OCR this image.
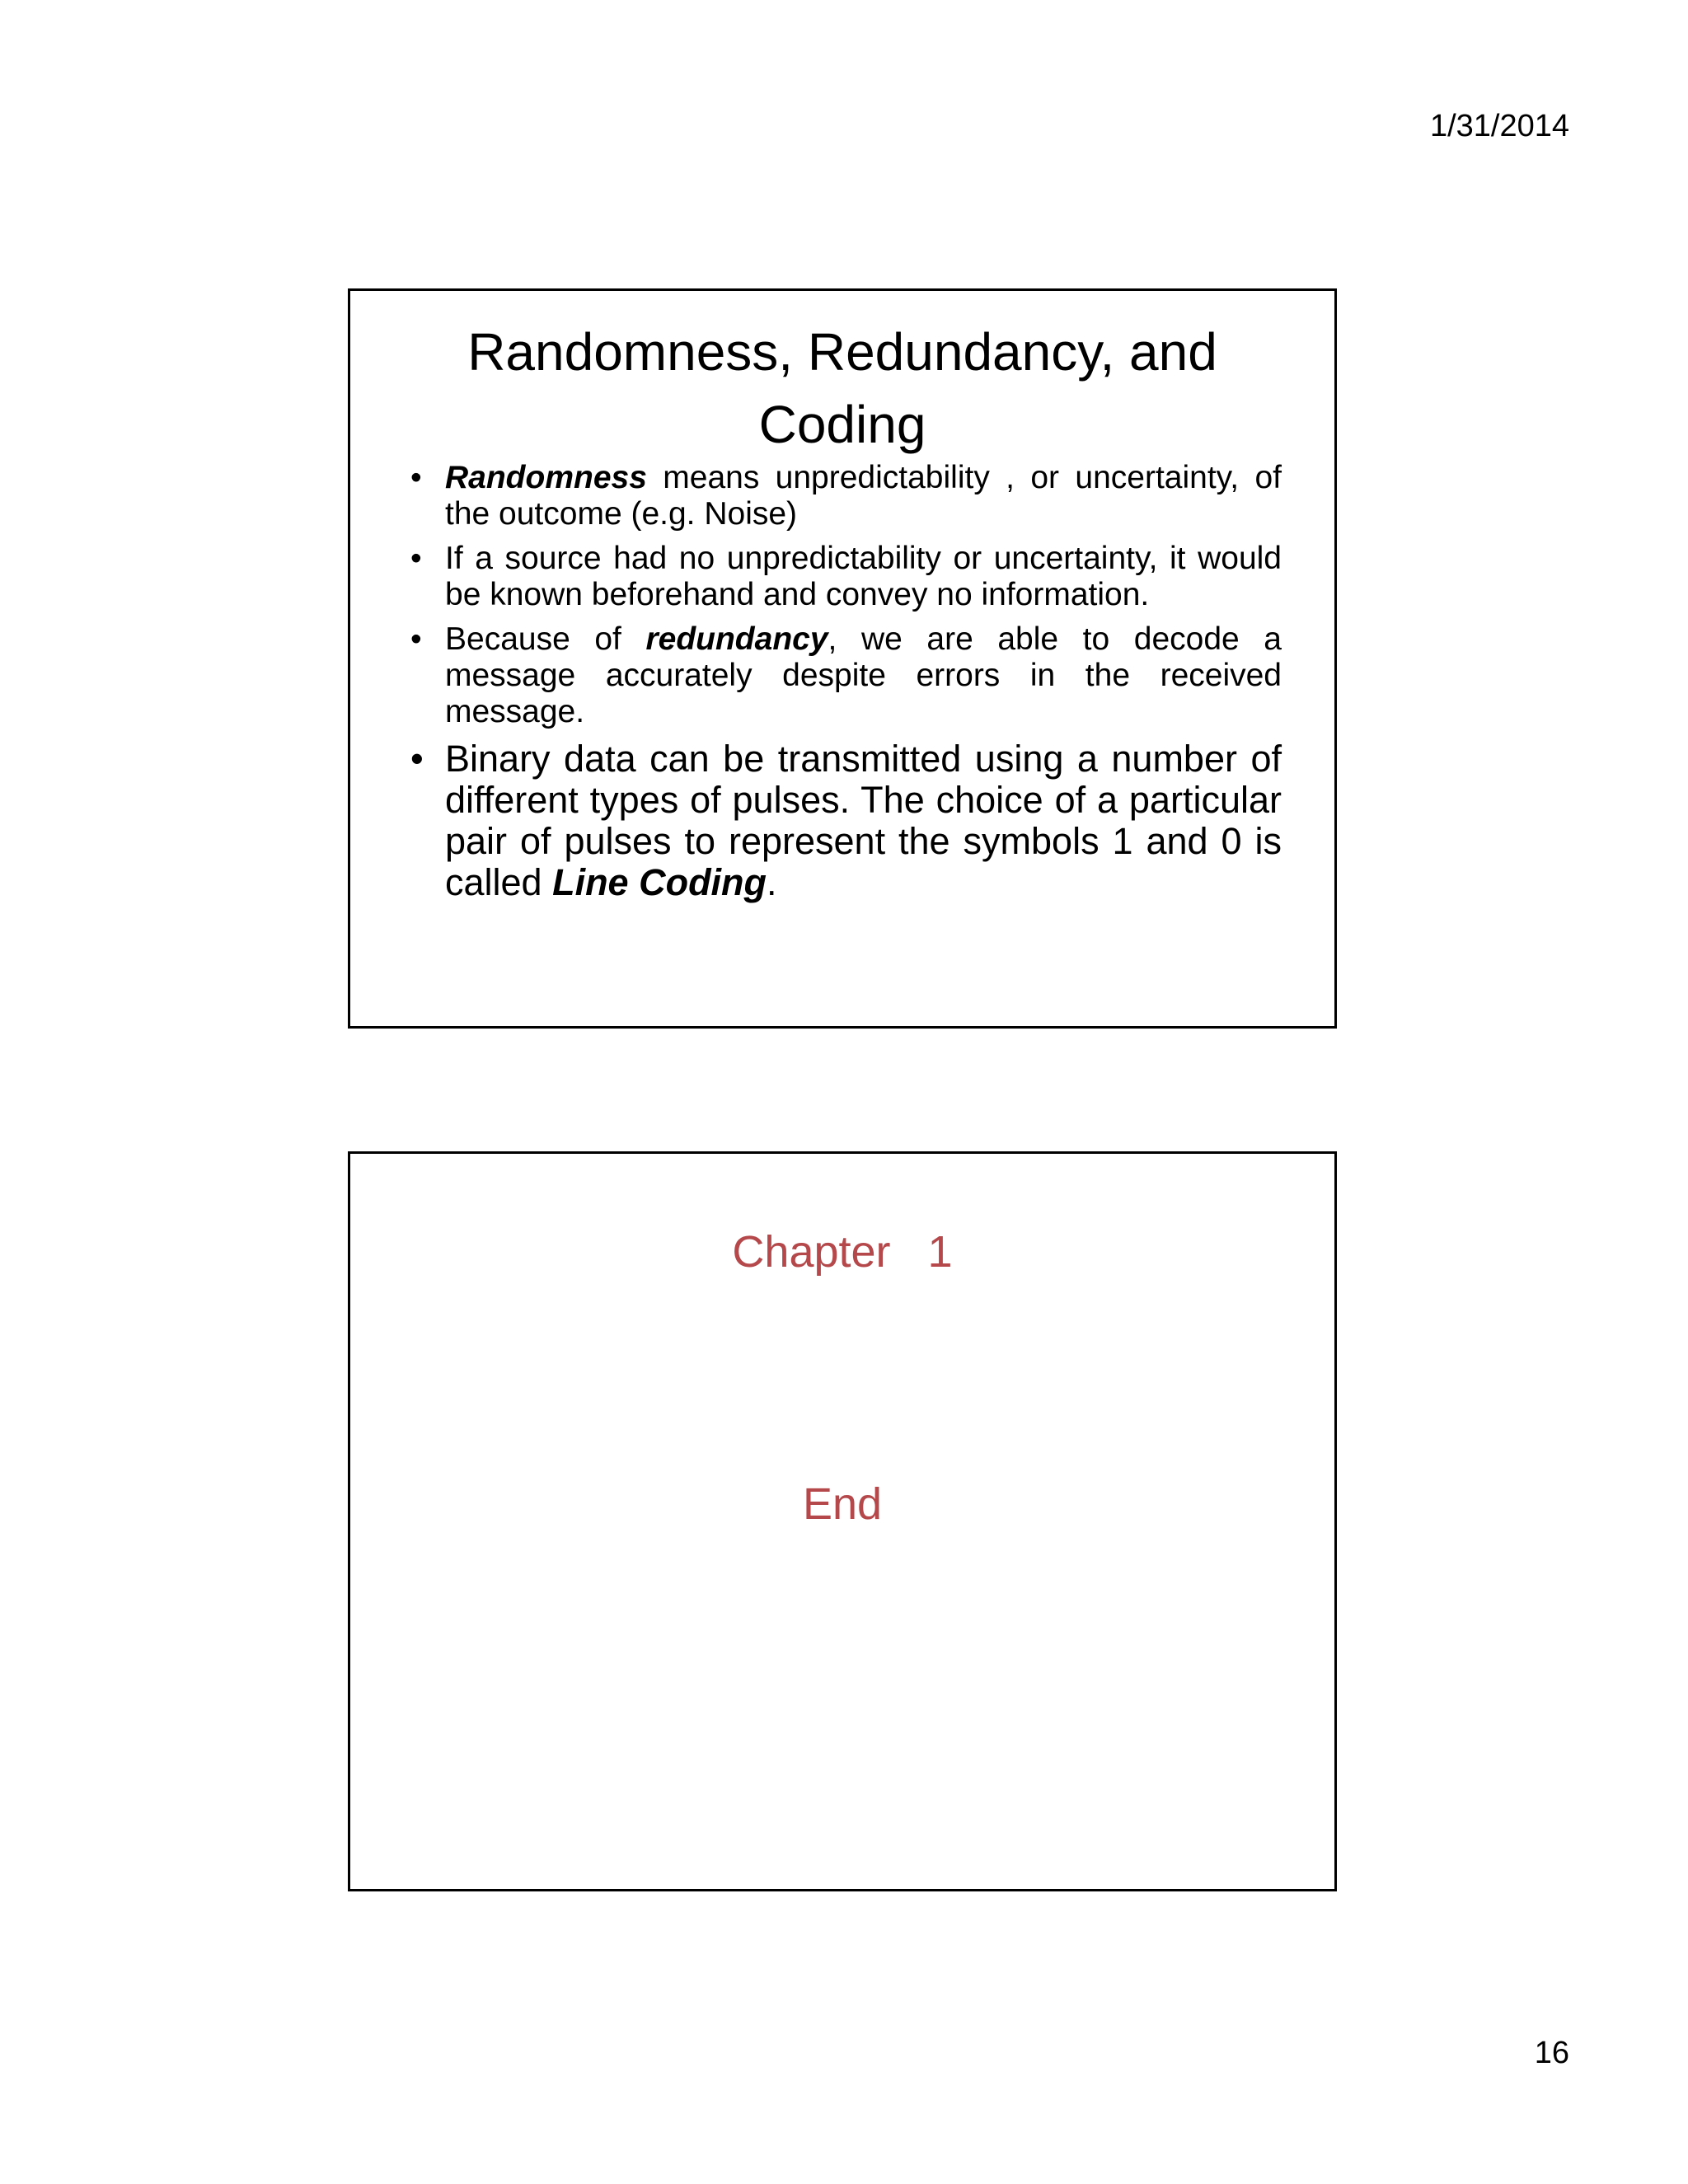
1/31/2014
Randomness, Redundancy, and Coding
• Randomness means unpredictability , or uncertainty, of the outcome (e.g. Noise)
• If a source had no unpredictability or uncertainty, it would be known beforehand and convey no information.
• Because of redundancy, we are able to decode a message accurately despite errors in the received message.
• Binary data can be transmitted using a number of different types of pulses. The choice of a particular pair of pulses to represent the symbols 1 and 0 is called Line Coding.
Chapter   1
End
16
